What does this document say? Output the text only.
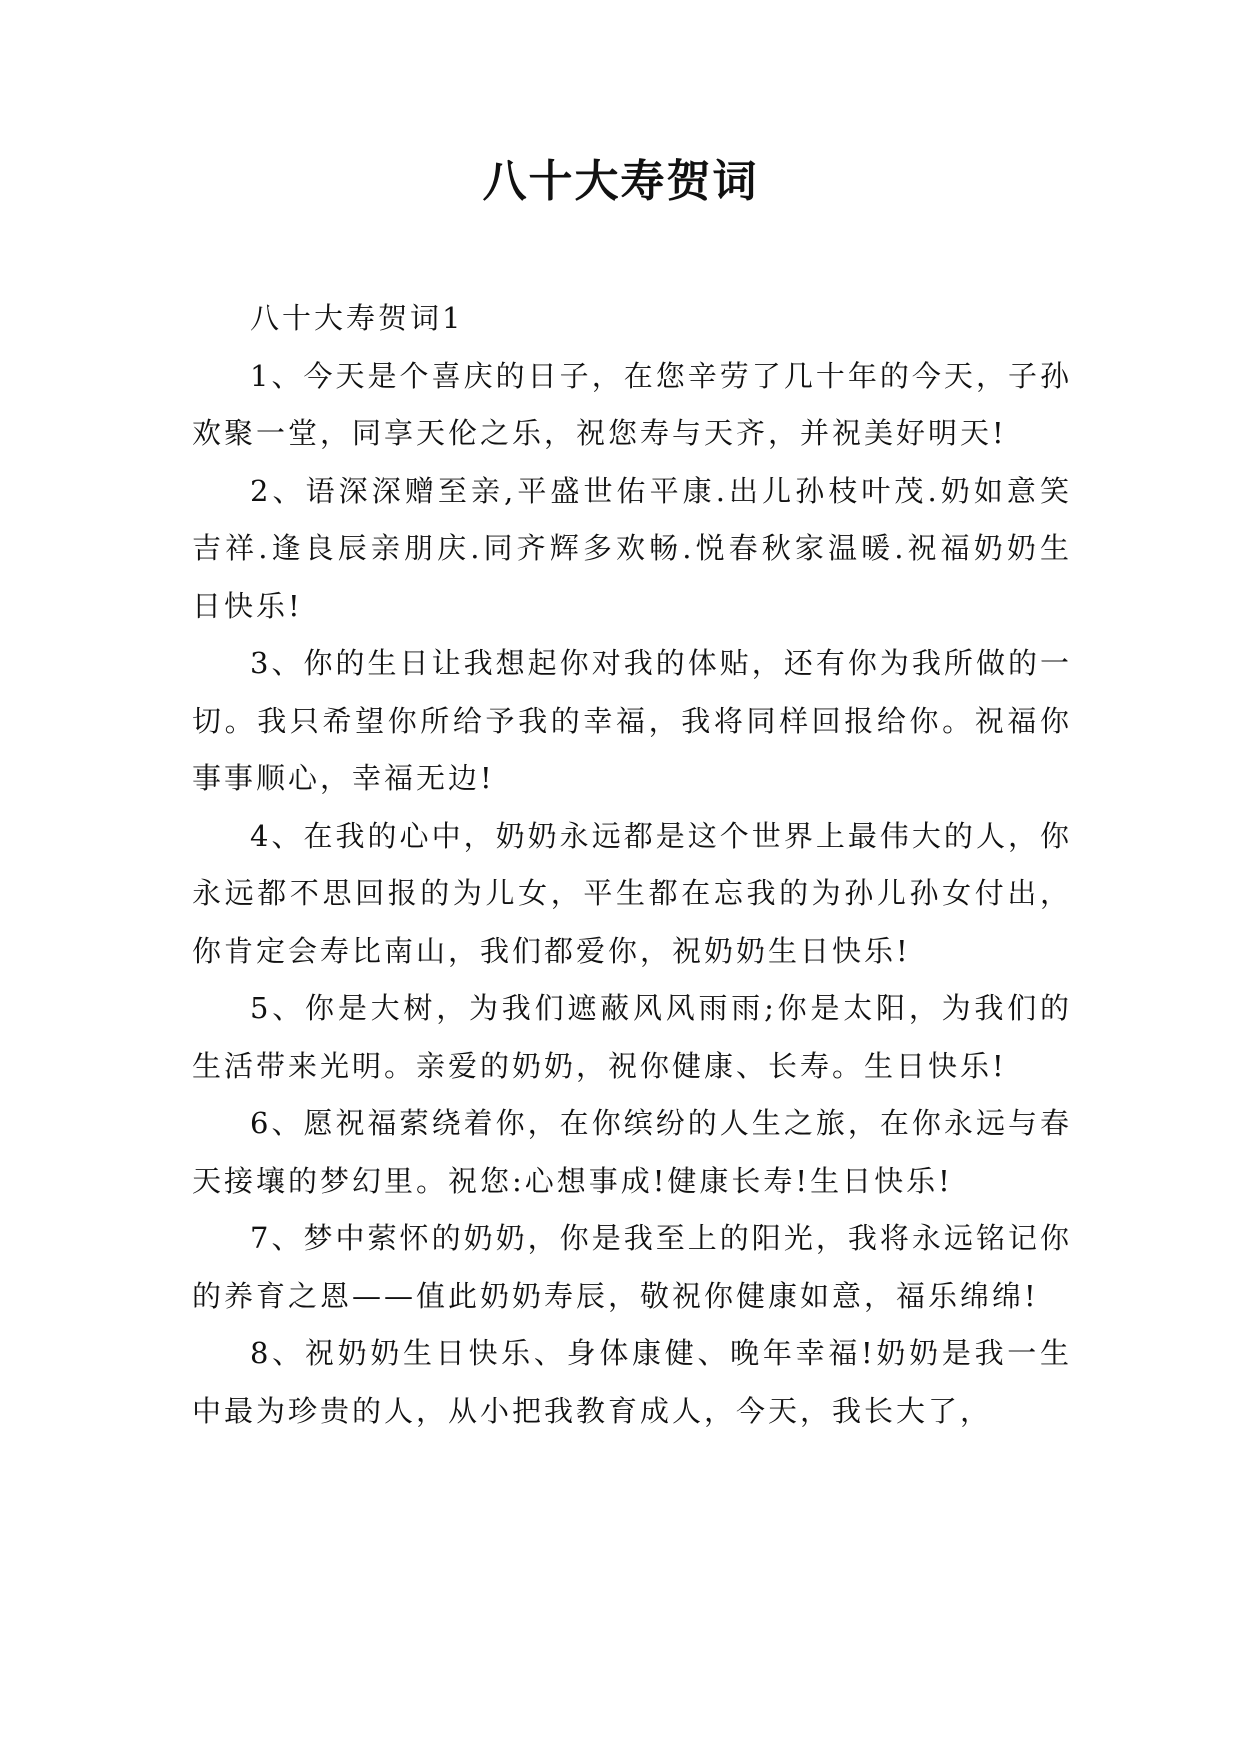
八十大寿贺词

八十大寿贺词1

1、今天是个喜庆的日子，在您辛劳了几十年的今天，子孙欢聚一堂，同享天伦之乐，祝您寿与天齐，并祝美好明天!

2、语深深赠至亲,平盛世佑平康.出儿孙枝叶茂.奶如意笑吉祥.逢良辰亲朋庆.同齐辉多欢畅.悦春秋家温暖.祝福奶奶生日快乐!

3、你的生日让我想起你对我的体贴，还有你为我所做的一切。我只希望你所给予我的幸福，我将同样回报给你。祝福你事事顺心，幸福无边!

4、在我的心中，奶奶永远都是这个世界上最伟大的人，你永远都不思回报的为儿女，平生都在忘我的为孙儿孙女付出，你肯定会寿比南山，我们都爱你，祝奶奶生日快乐!

5、你是大树，为我们遮蔽风风雨雨;你是太阳，为我们的生活带来光明。亲爱的奶奶，祝你健康、长寿。生日快乐!

6、愿祝福萦绕着你，在你缤纷的人生之旅，在你永远与春天接壤的梦幻里。祝您:心想事成!健康长寿!生日快乐!

7、梦中萦怀的奶奶，你是我至上的阳光，我将永远铭记你的养育之恩——值此奶奶寿辰，敬祝你健康如意，福乐绵绵!

8、祝奶奶生日快乐、身体康健、晚年幸福!奶奶是我一生中最为珍贵的人，从小把我教育成人，今天，我长大了，
